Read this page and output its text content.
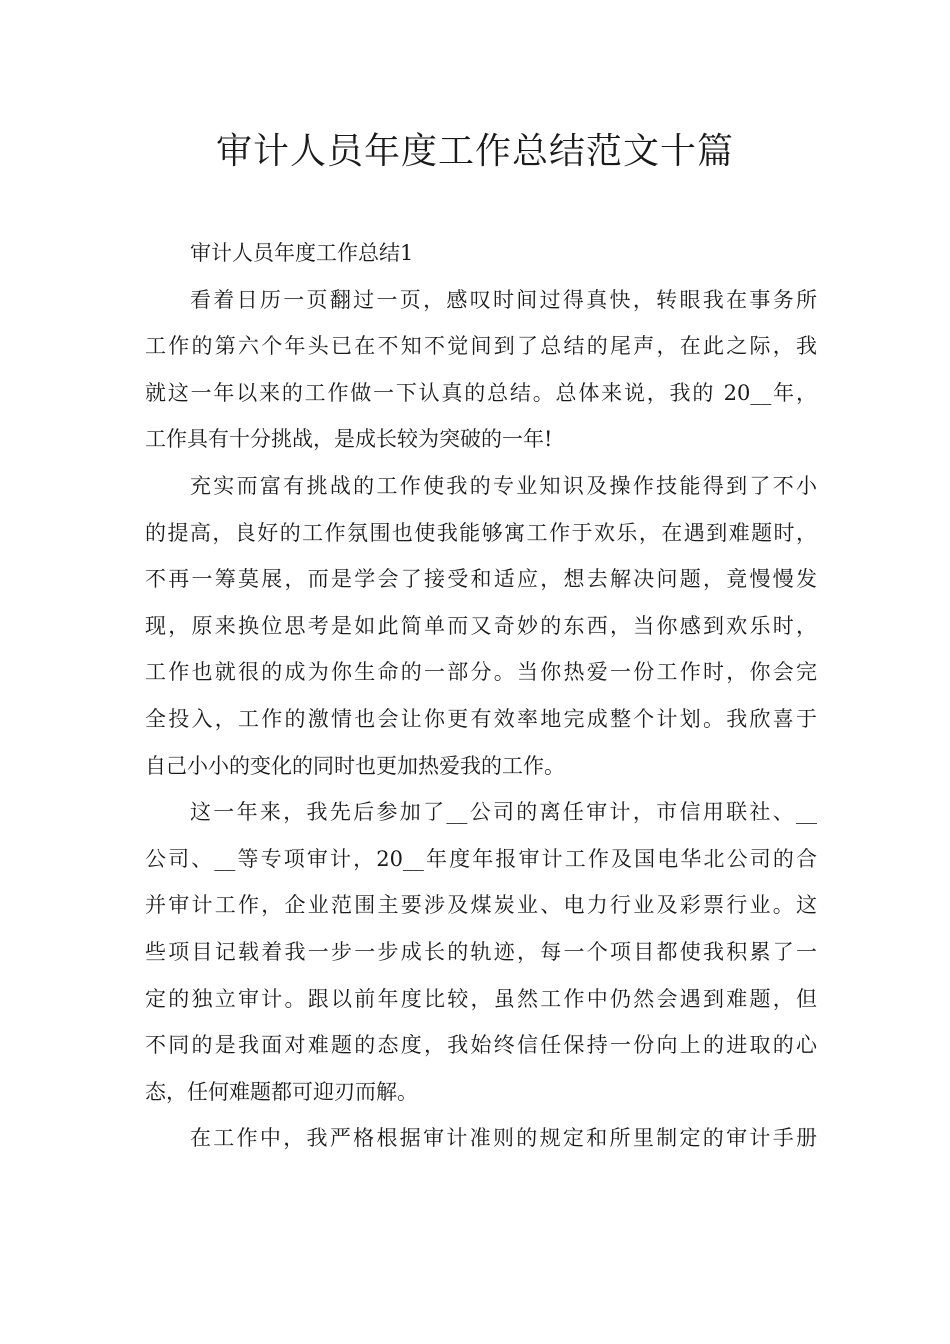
审计人员年度工作总结范文十篇
审计人员年度工作总结1
看着日历一页翻过一页，感叹时间过得真快，转眼我在事务所
工作的第六个年头已在不知不觉间到了总结的尾声，在此之际，我
就这一年以来的工作做一下认真的总结。总体来说，我的 20__年，
工作具有十分挑战，是成长较为突破的一年!
充实而富有挑战的工作使我的专业知识及操作技能得到了不小
的提高，良好的工作氛围也使我能够寓工作于欢乐，在遇到难题时，
不再一筹莫展，而是学会了接受和适应，想去解决问题，竟慢慢发
现，原来换位思考是如此简单而又奇妙的东西，当你感到欢乐时，
工作也就很的成为你生命的一部分。当你热爱一份工作时，你会完
全投入，工作的激情也会让你更有效率地完成整个计划。我欣喜于
自己小小的变化的同时也更加热爱我的工作。
这一年来，我先后参加了__公司的离任审计，市信用联社、__
公司、__等专项审计，20__年度年报审计工作及国电华北公司的合
并审计工作，企业范围主要涉及煤炭业、电力行业及彩票行业。这
些项目记载着我一步一步成长的轨迹，每一个项目都使我积累了一
定的独立审计。跟以前年度比较，虽然工作中仍然会遇到难题，但
不同的是我面对难题的态度，我始终信任保持一份向上的进取的心
态，任何难题都可迎刃而解。
在工作中，我严格根据审计准则的规定和所里制定的审计手册
